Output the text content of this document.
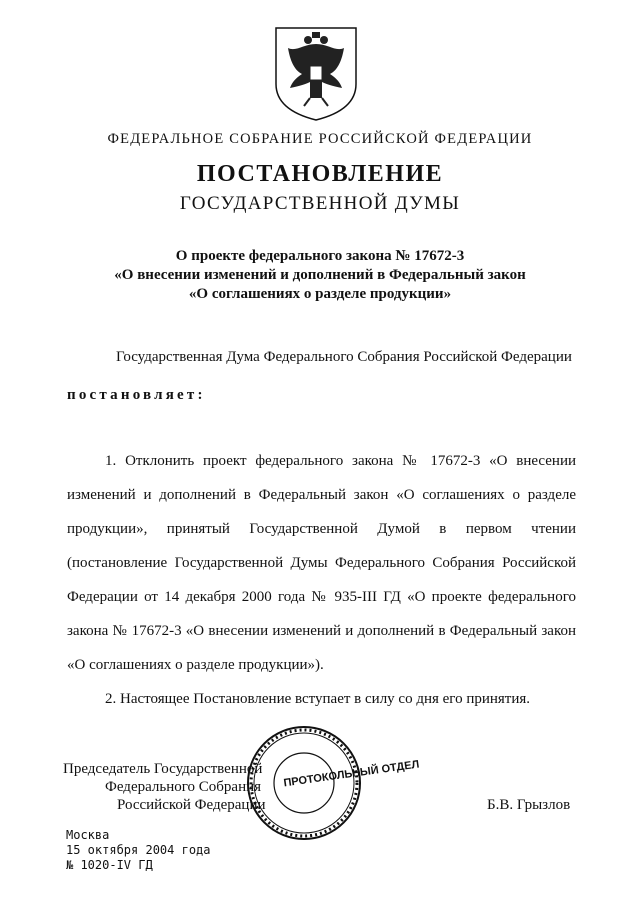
ФЕДЕРАЛЬНОЕ СОБРАНИЕ РОССИЙСКОЙ ФЕДЕРАЦИИ
ПОСТАНОВЛЕНИЕ
ГОСУДАРСТВЕННОЙ ДУМЫ
О проекте федерального закона № 17672-3
«О внесении изменений и дополнений в Федеральный закон
«О соглашениях о разделе продукции»
Государственная Дума Федерального Собрания Российской Федерации
постановляет:
1. Отклонить проект федерального закона № 17672-3 «О внесении
изменений и дополнений в Федеральный закон «О соглашениях о разделе
продукции», принятый Государственной Думой в первом чтении
(постановление Государственной Думы Федерального Собрания Российской
Федерации от 14 декабря 2000 года № 935-III ГД «О проекте федерального
закона № 17672-3 «О внесении изменений и дополнений в Федеральный закон
«О соглашениях о разделе продукции»).
2. Настоящее Постановление вступает в силу со дня его принятия.
Председатель Государственной
Федерального Собрания
Российской Федерации	Б.В. Грызлов
ПРОТОКОЛЬНЫЙ ОТДЕЛ
Москва
15 октября 2004 года
№ 1020-IV ГД
